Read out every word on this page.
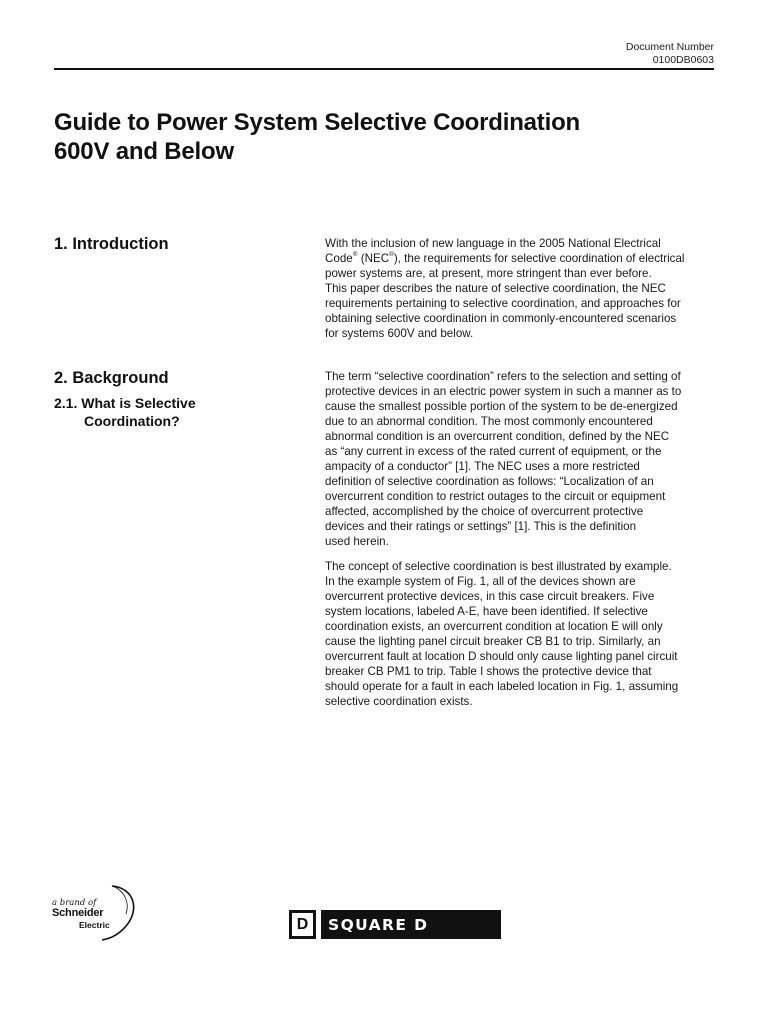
Document Number
0100DB0603
Guide to Power System Selective Coordination
600V and Below
1. Introduction	With the inclusion of new language in the 2005 National Electrical
Code® (NEC®), the requirements for selective coordination of electrical
power systems are, at present, more stringent than ever before.
This paper describes the nature of selective coordination, the NEC
requirements pertaining to selective coordination, and approaches for
obtaining selective coordination in commonly-encountered scenarios
for systems 600V and below.
2. Background
2.1. What is Selective
Coordination?
The term “selective coordination” refers to the selection and setting of
protective devices in an electric power system in such a manner as to
cause the smallest possible portion of the system to be de-energized
due to an abnormal condition. The most commonly encountered
abnormal condition is an overcurrent condition, defined by the NEC
as “any current in excess of the rated current of equipment, or the
ampacity of a conductor” [1]. The NEC uses a more restricted
definition of selective coordination as follows: “Localization of an
overcurrent condition to restrict outages to the circuit or equipment
affected, accomplished by the choice of overcurrent protective
devices and their ratings or settings” [1]. This is the definition
used herein.
The concept of selective coordination is best illustrated by example.
In the example system of Fig. 1, all of the devices shown are
overcurrent protective devices, in this case circuit breakers. Five
system locations, labeled A-E, have been identified. If selective
coordination exists, an overcurrent condition at location E will only
cause the lighting panel circuit breaker CB B1 to trip. Similarly, an
overcurrent fault at location D should only cause lighting panel circuit
breaker CB PM1 to trip. Table I shows the protective device that
should operate for a fault in each labeled location in Fig. 1, assuming
selective coordination exists.
a brand of
Schneider
Electric	D	SQUARE D
